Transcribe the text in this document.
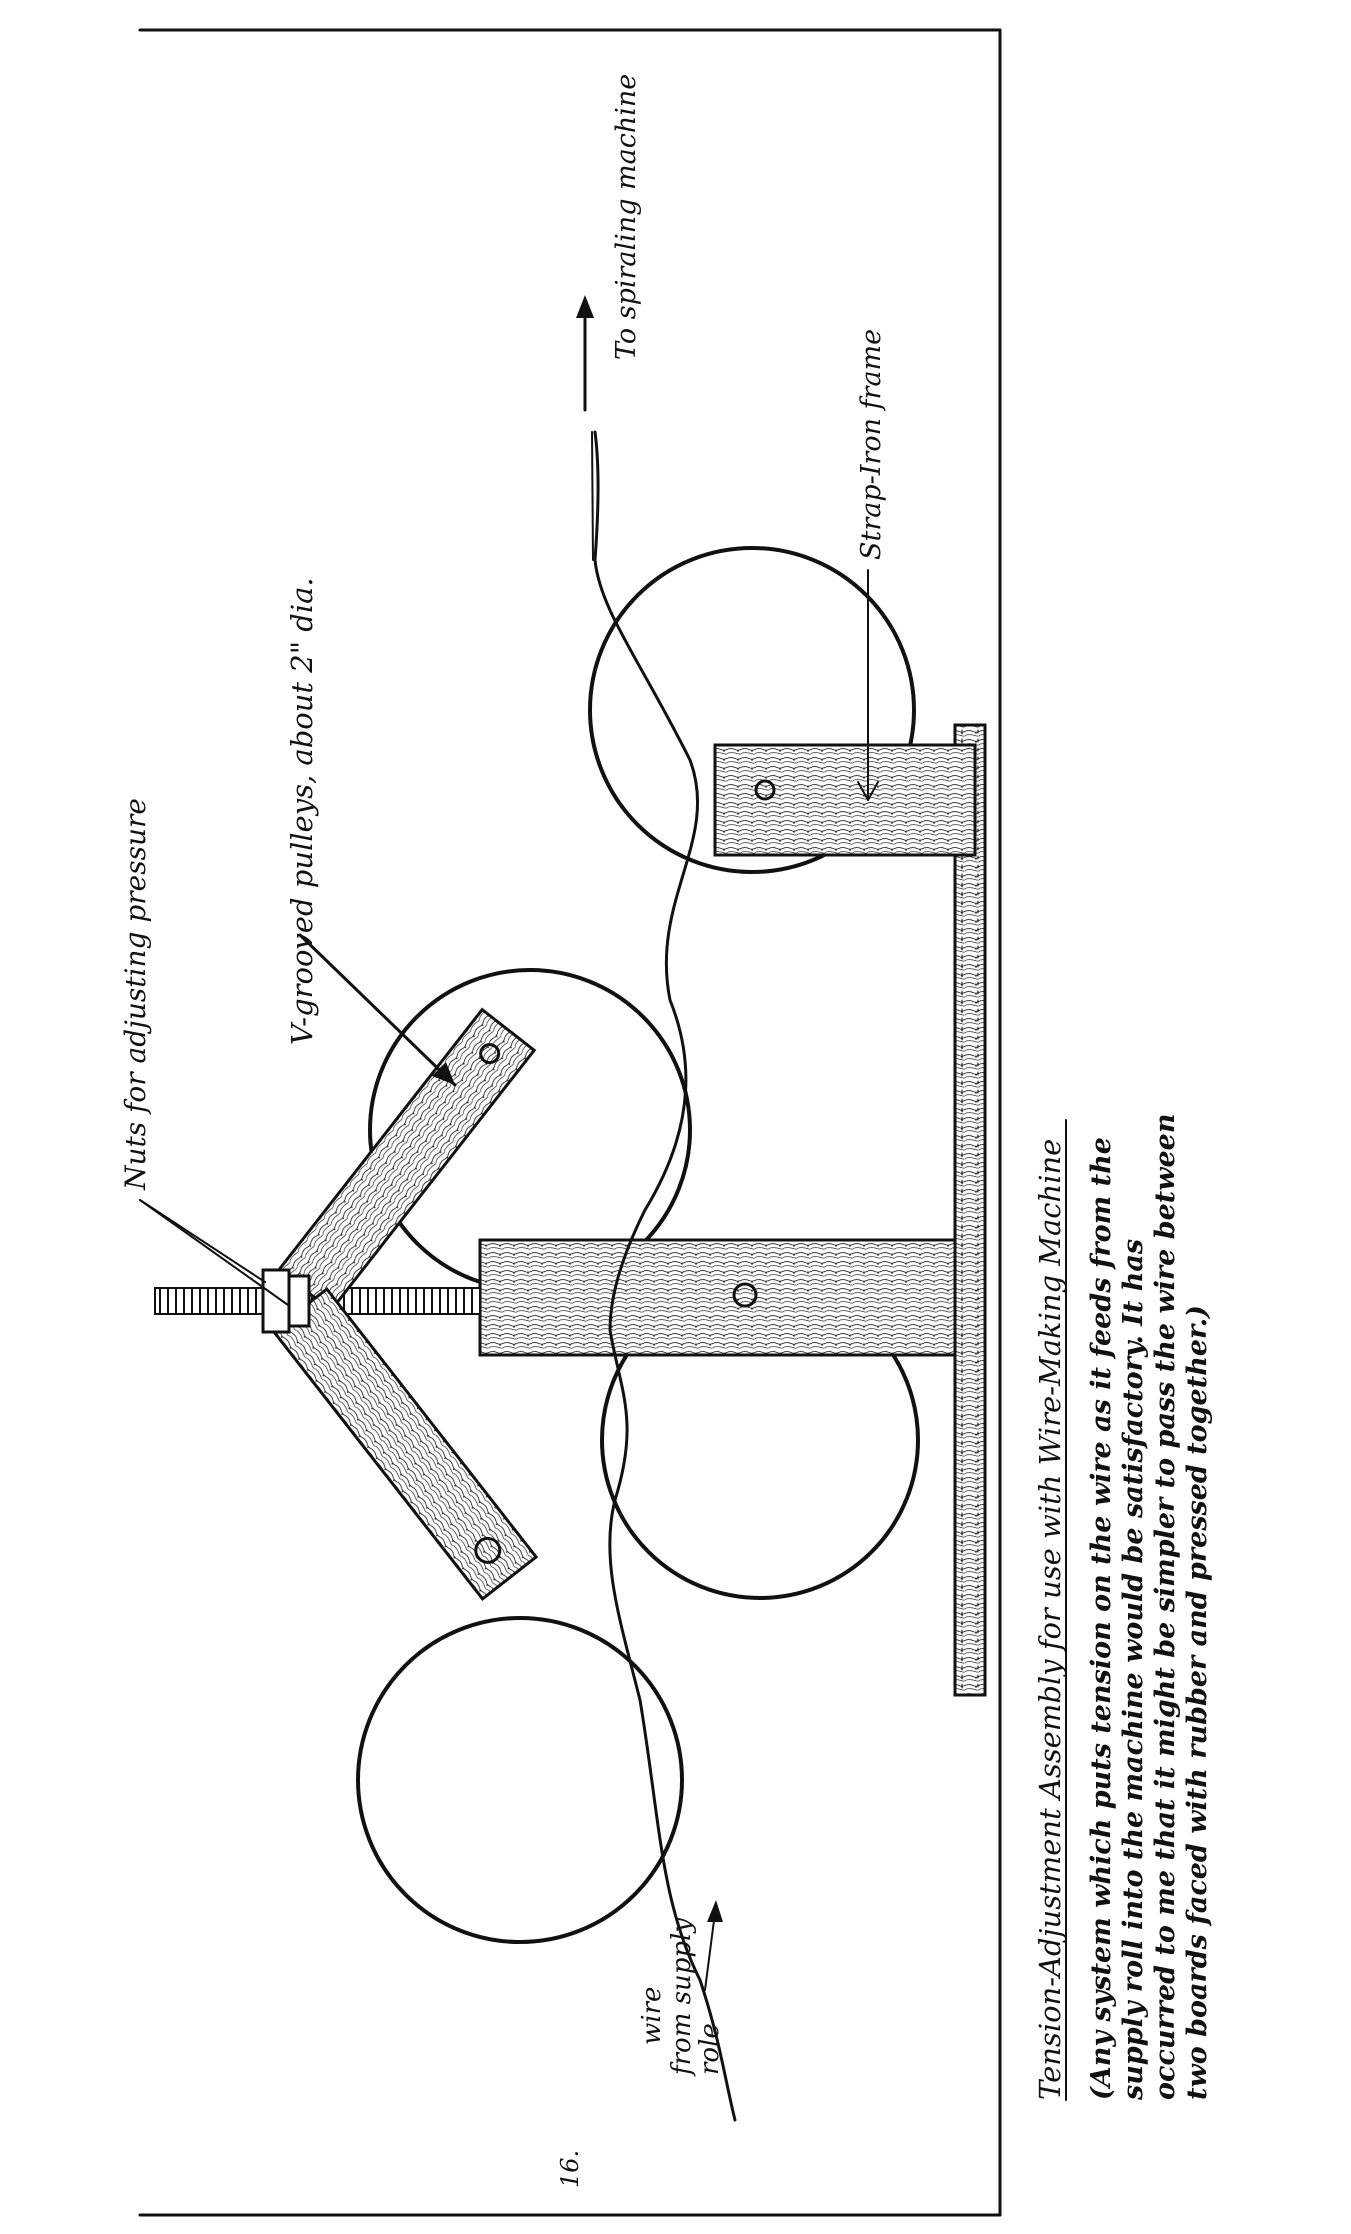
To spiraling machine
Strap-Iron frame
V-grooved pulleys, about 2" dia.
Nuts for adjusting pressure
wire from supply
role	Tension-Adjustment Assembly for use with Wire-Making Machine (Any system which puts tension on the wire as it feeds from the supply roll into the machine would be satisfactory. It has occurred to me that it might be simpler to pass the wire between two boards faced with rubber and pressed together.)
16.
